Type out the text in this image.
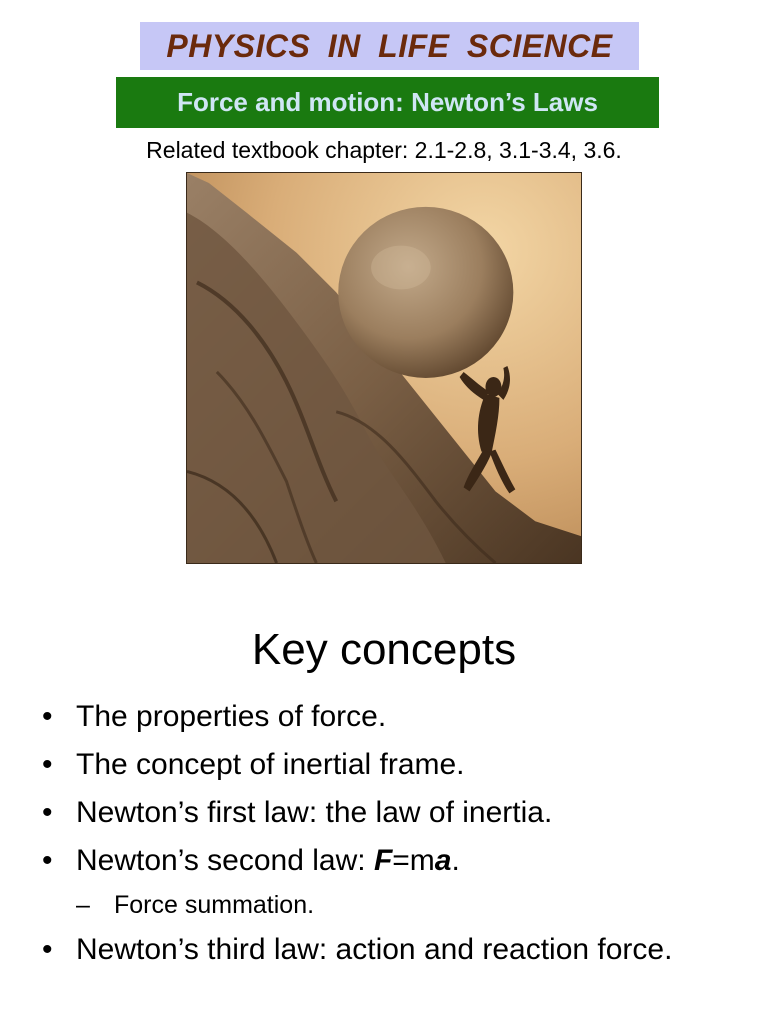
PHYSICS IN LIFE SCIENCE
Force and motion: Newton’s Laws
Related textbook chapter: 2.1-2.8, 3.1-3.4, 3.6.
Key concepts
• The properties of force.
• The concept of inertial frame.
• Newton’s first law: the law of inertia.
• Newton’s second law: F=ma.
– Force summation.
• Newton’s third law: action and reaction force.
